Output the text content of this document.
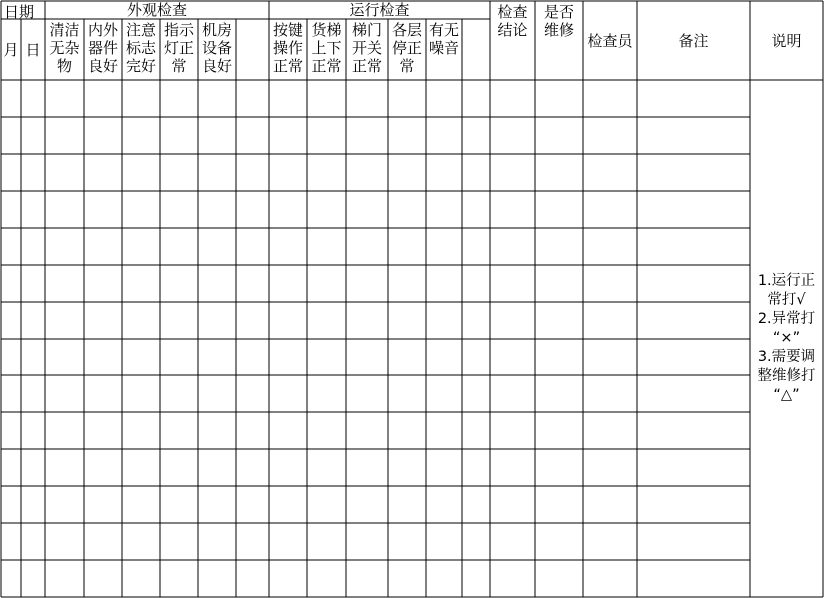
日期
月 日
外观检查
清洁
无杂
物
内外
器件
良好
注意
标志
完好
指示
灯正
常
机房
设备
良好
运行检查
按键
操作
正常
货梯
上下
正常
梯门
开关
正常
各层
停正
常
有无
噪音
检查
结论
是否
维修
检查员	备注	说明
1.运行正
常打√
2.异常打
“×”
3.需要调
整维修打
“△”
